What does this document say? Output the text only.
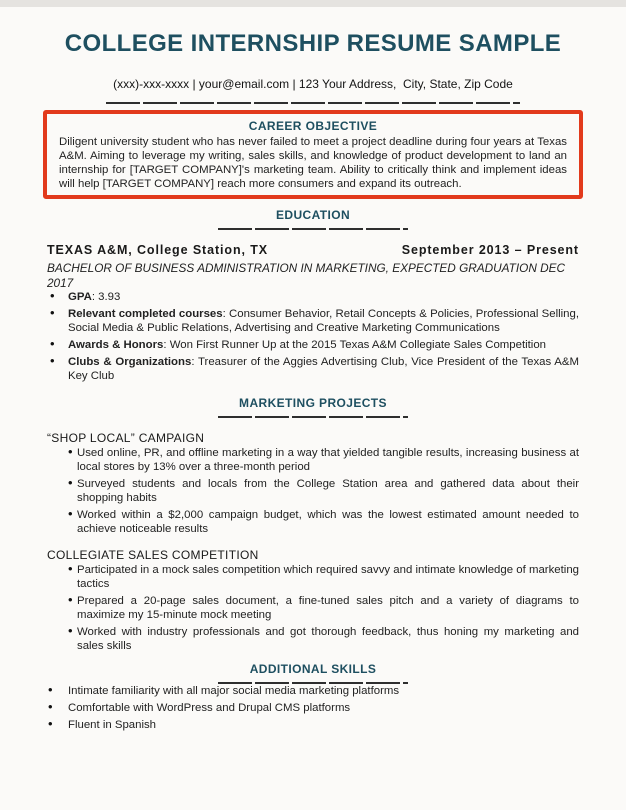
COLLEGE INTERNSHIP RESUME SAMPLE
(xxx)-xxx-xxxx | your@email.com | 123 Your Address,  City, State, Zip Code
CAREER OBJECTIVE

Diligent university student who has never failed to meet a project deadline during four years at Texas A&M. Aiming to leverage my writing, sales skills, and knowledge of product development to land an internship for [TARGET COMPANY]'s marketing team. Ability to critically think and implement ideas will help [TARGET COMPANY] reach more consumers and expand its outreach.

EDUCATION
TEXAS A&M, College Station, TX	September 2013 – Present
BACHELOR OF BUSINESS ADMINISTRATION IN MARKETING, EXPECTED GRADUATION DEC 2017
• GPA: 3.93
• Relevant completed courses: Consumer Behavior, Retail Concepts & Policies, Professional Selling, Social Media & Public Relations, Advertising and Creative Marketing Communications
• Awards & Honors: Won First Runner Up at the 2015 Texas A&M Collegiate Sales Competition
• Clubs & Organizations: Treasurer of the Aggies Advertising Club, Vice President of the Texas A&M Key Club
MARKETING PROJECTS
“SHOP LOCAL” CAMPAIGN
• Used online, PR, and offline marketing in a way that yielded tangible results, increasing business at local stores by 13% over a three-month period
• Surveyed students and locals from the College Station area and gathered data about their shopping habits
• Worked within a $2,000 campaign budget, which was the lowest estimated amount needed to achieve noticeable results
COLLEGIATE SALES COMPETITION
• Participated in a mock sales competition which required savvy and intimate knowledge of marketing tactics
• Prepared a 20-page sales document, a fine-tuned sales pitch and a variety of diagrams to maximize my 15-minute mock meeting
• Worked with industry professionals and got thorough feedback, thus honing my marketing and sales skills
ADDITIONAL SKILLS
• Intimate familiarity with all major social media marketing platforms
• Comfortable with WordPress and Drupal CMS platforms
• Fluent in Spanish
